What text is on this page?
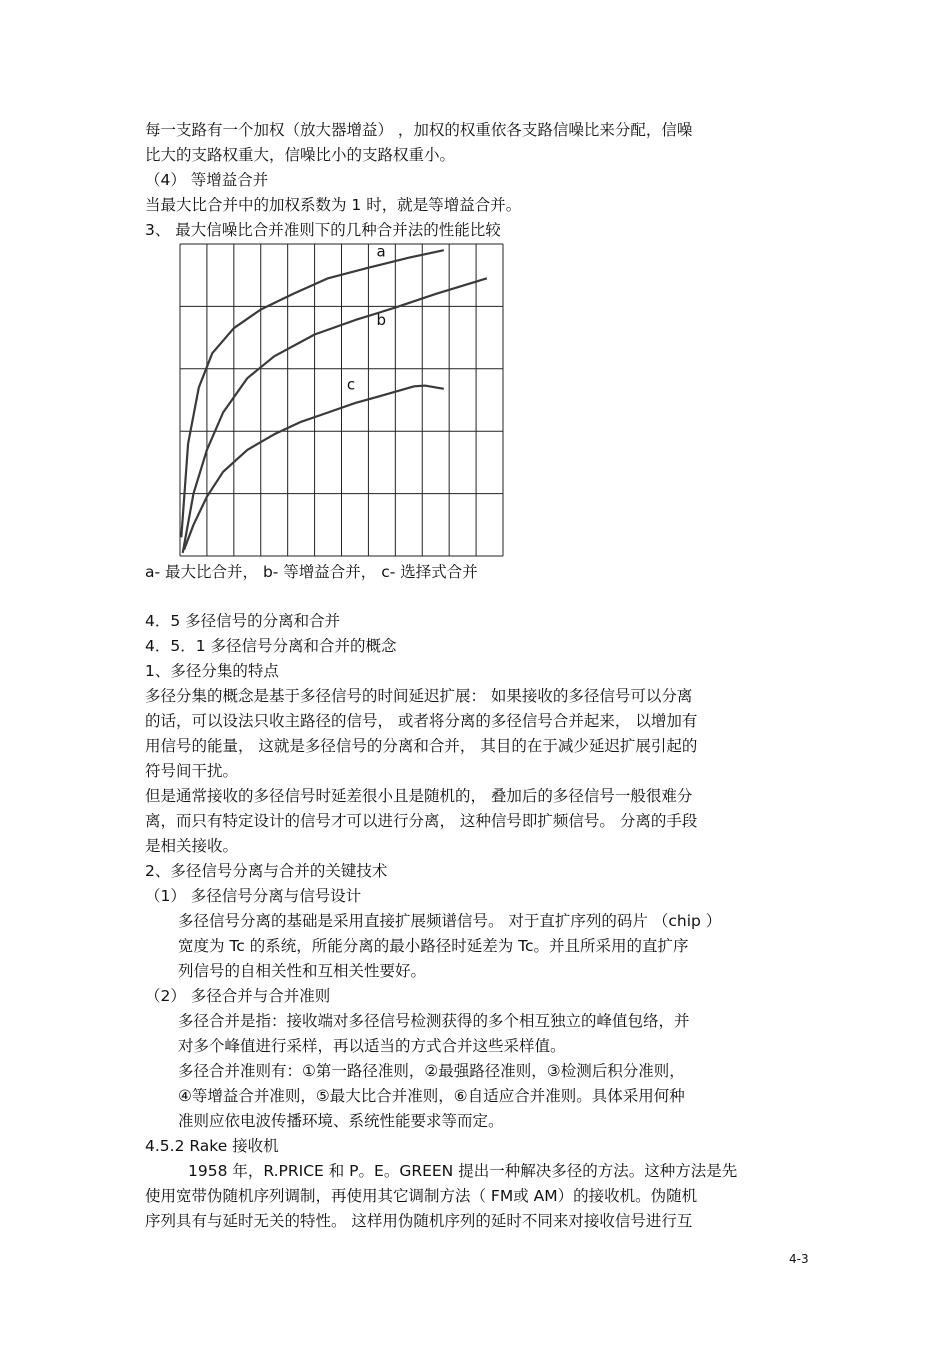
每一支路有一个加权（放大器增益） ，加权的权重依各支路信噪比来分配，信噪
比大的支路权重大，信噪比小的支路权重小。
（4） 等增益合并
当最大比合并中的加权系数为 1 时，就是等增益合并。
3、 最大信噪比合并准则下的几种合并法的性能比较
a
b
c
a- 最大比合并， b- 等增益合并， c- 选择式合并
4．5 多径信号的分离和合并
4．5．1 多径信号分离和合并的概念
1、多径分集的特点
多径分集的概念是基于多径信号的时间延迟扩展： 如果接收的多径信号可以分离
的话，可以设法只收主路径的信号， 或者将分离的多径信号合并起来， 以增加有
用信号的能量， 这就是多径信号的分离和合并， 其目的在于减少延迟扩展引起的
符号间干扰。
但是通常接收的多径信号时延差很小且是随机的， 叠加后的多径信号一般很难分
离，而只有特定设计的信号才可以进行分离， 这种信号即扩频信号。 分离的手段
是相关接收。
2、多径信号分离与合并的关键技术
（1） 多径信号分离与信号设计
多径信号分离的基础是采用直接扩展频谱信号。 对于直扩序列的码片 （chip ）
宽度为 Tc 的系统，所能分离的最小路径时延差为 Tc。并且所采用的直扩序
列信号的自相关性和互相关性要好。
（2） 多径合并与合并准则
多径合并是指：接收端对多径信号检测获得的多个相互独立的峰值包络，并
对多个峰值进行采样，再以适当的方式合并这些采样值。
多径合并准则有：①第一路径准则，②最强路径准则，③检测后积分准则，
④等增益合并准则，⑤最大比合并准则，⑥自适应合并准则。具体采用何种
准则应依电波传播环境、系统性能要求等而定。
4.5.2 Rake 接收机
1958 年，R.PRICE 和 P。E。GREEN 提出一种解决多径的方法。这种方法是先
使用宽带伪随机序列调制，再使用其它调制方法（ FM或 AM）的接收机。伪随机
序列具有与延时无关的特性。 这样用伪随机序列的延时不同来对接收信号进行互
4-3
